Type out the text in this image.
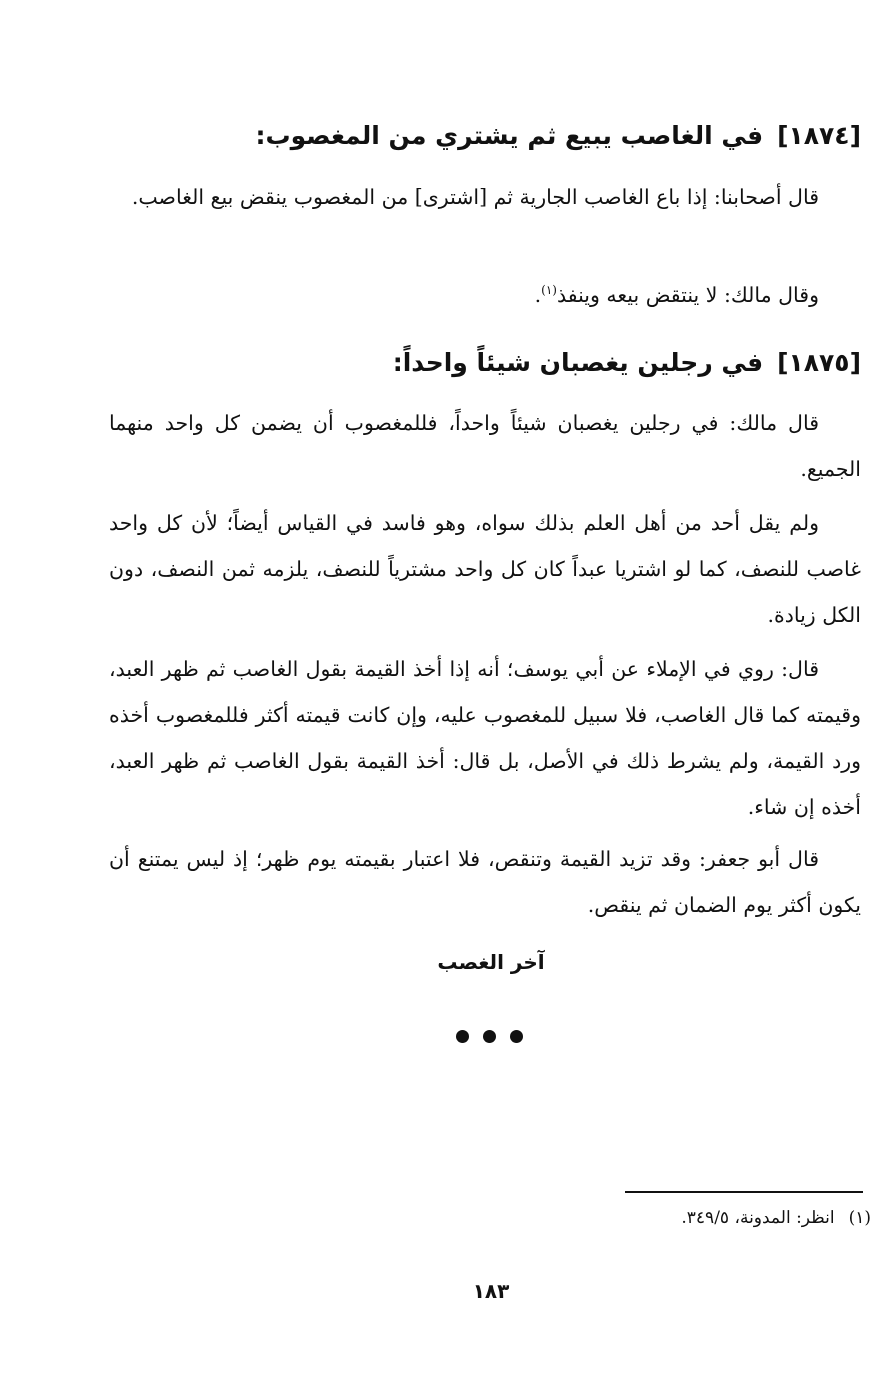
[١٨٧٤]في الغاصب يبيع ثم يشتري من المغصوب:
قال أصحابنا: إذا باع الغاصب الجارية ثم [اشترى] من المغصوب ينقض بيع الغاصب.
وقال مالك: لا ينتقض بيعه وينفذ$^{(١)}$.
[١٨٧٥]في رجلين يغصبان شيئاً واحداً:
قال مالك: في رجلين يغصبان شيئاً واحداً، فللمغصوب أن يضمن كل واحد منهما الجميع.
ولم يقل أحد من أهل العلم بذلك سواه، وهو فاسد في القياس أيضاً؛ لأن كل واحد غاصب للنصف، كما لو اشتريا عبداً كان كل واحد مشترياً للنصف، يلزمه ثمن النصف، دون الكل زيادة.
قال: روي في الإملاء عن أبي يوسف؛ أنه إذا أخذ القيمة بقول الغاصب ثم ظهر العبد، وقيمته كما قال الغاصب، فلا سبيل للمغصوب عليه، وإن كانت قيمته أكثر فللمغصوب أخذه ورد القيمة، ولم يشرط ذلك في الأصل، بل قال: أخذ القيمة بقول الغاصب ثم ظهر العبد، أخذه إن شاء.
قال أبو جعفر: وقد تزيد القيمة وتنقص، فلا اعتبار بقيمته يوم ظهر؛ إذ ليس يمتنع أن يكون أكثر يوم الضمان ثم ينقص.
آخر الغصب
(١)انظر: المدونة، ٣٤٩/٥.
١٨٣
